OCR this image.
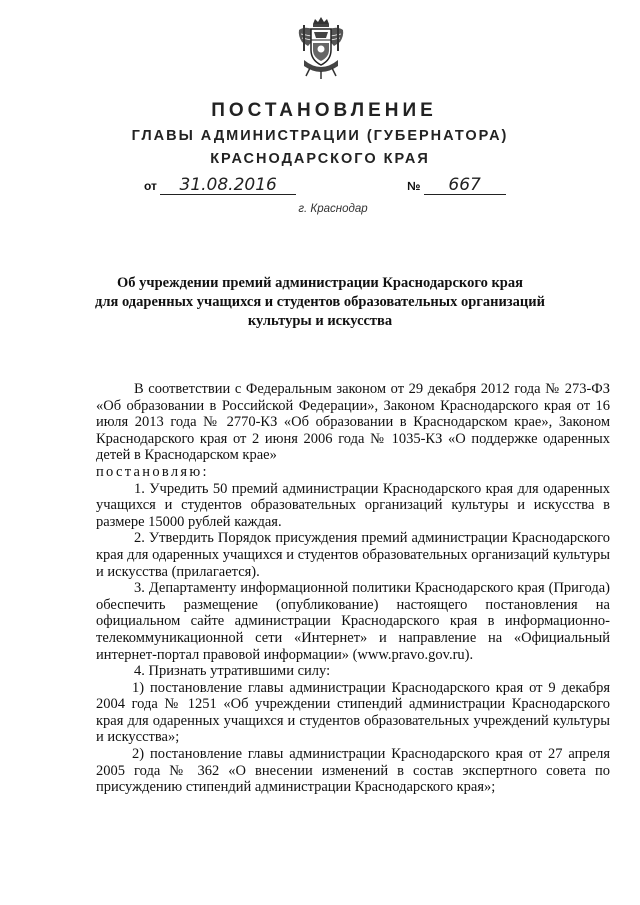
ПОСТАНОВЛЕНИЕ
ГЛАВЫ АДМИНИСТРАЦИИ (ГУБЕРНАТОРА)
КРАСНОДАРСКОГО КРАЯ
от 31.08.2016	№ 667
г. Краснодар
Об учреждении премий администрации Краснодарского края
для одаренных учащихся и студентов образовательных организаций
культуры и искусства

В соответствии с Федеральным законом от 29 декабря 2012 года № 273-ФЗ «Об образовании в Российской Федерации», Законом Краснодарского края от 16 июля 2013 года № 2770-КЗ «Об образовании в Краснодарском крае», Законом Краснодарского края от 2 июня 2006 года № 1035-КЗ «О поддержке одаренных детей в Краснодарском крае»

постановляю:

1. Учредить 50 премий администрации Краснодарского края для одаренных учащихся и студентов образовательных организаций культуры и искусства в размере 15000 рублей каждая.

2. Утвердить Порядок присуждения премий администрации Краснодарского края для одаренных учащихся и студентов образовательных организаций культуры и искусства (прилагается).

3. Департаменту информационной политики Краснодарского края (Пригода) обеспечить размещение (опубликование) настоящего постановления на официальном сайте администрации Краснодарского края в информационно-телекоммуникационной сети «Интернет» и направление на «Официальный интернет-портал правовой информации» (www.pravo.gov.ru).

4. Признать утратившими силу:

1) постановление главы администрации Краснодарского края от 9 декабря 2004 года № 1251 «Об учреждении стипендий администрации Краснодарского края для одаренных учащихся и студентов образовательных учреждений культуры и искусства»;

2) постановление главы администрации Краснодарского края от 27 апреля 2005 года № 362 «О внесении изменений в состав экспертного совета по присуждению стипендий администрации Краснодарского края»;
